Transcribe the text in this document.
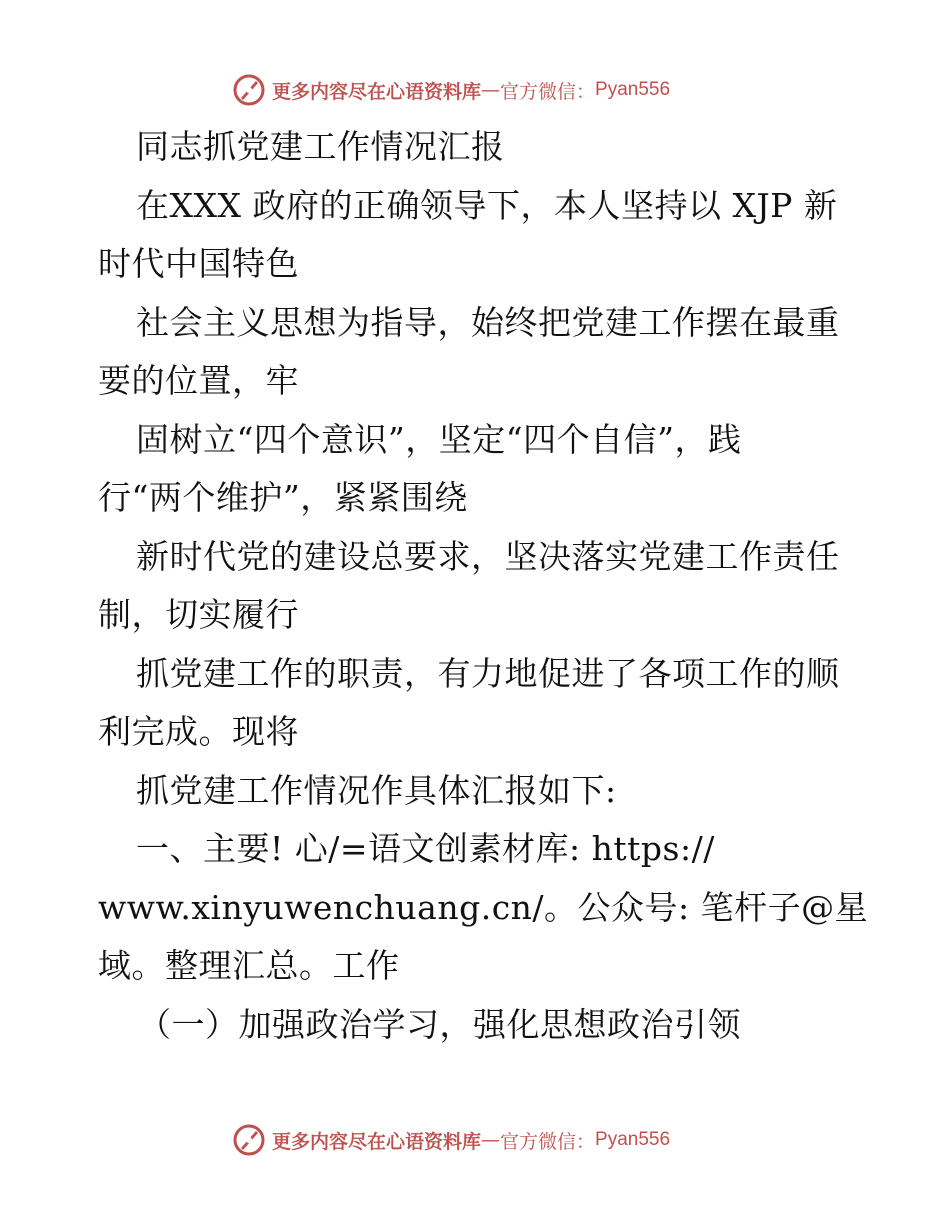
更多内容尽在心语资料库 — 官方微信： Pyan556
同志抓党建工作情况汇报
在XXX 政府的正确领导下，本人坚持以 XJP 新
时代中国特色
社会主义思想为指导，始终把党建工作摆在最重
要的位置，牢
固树立“四个意识”，坚定“四个自信”，践
行“两个维护”，紧紧围绕
新时代党的建设总要求，坚决落实党建工作责任
制，切实履行
抓党建工作的职责，有力地促进了各项工作的顺
利完成。现将
抓党建工作情况作具体汇报如下:
一、主要! 心/=语文创素材库: https://
www.xinyuwenchuang.cn/。公众号: 笔杆子@星
域。整理汇总。工作
（一）加强政治学习，强化思想政治引领
更多内容尽在心语资料库 — 官方微信： Pyan556
